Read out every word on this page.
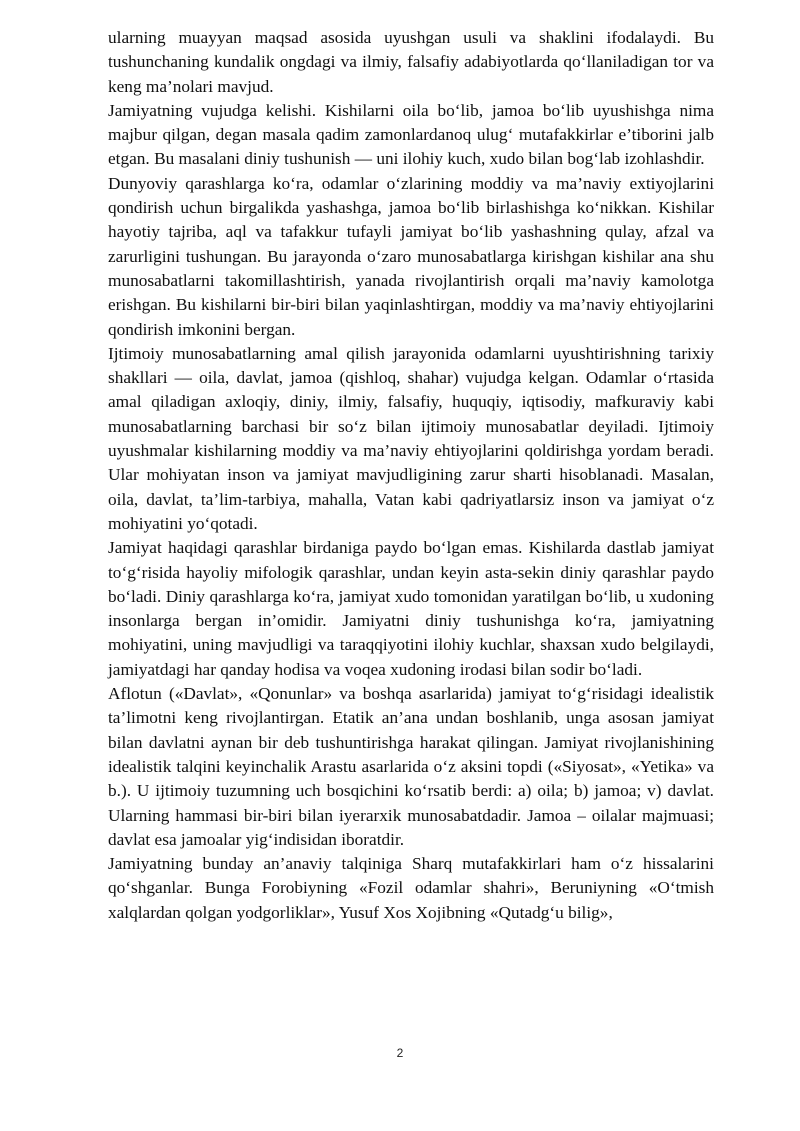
ularning muayyan maqsad asosida uyushgan usuli va shaklini ifodalaydi. Bu tushunchaning kundalik ongdagi va ilmiy, falsafiy adabiyotlarda qo‘llaniladigan tor va keng ma’nolari mavjud.

Jamiyatning vujudga kelishi. Kishilarni oila bo‘lib, jamoa bo‘lib uyushishga nima majbur qilgan, degan masala qadim zamonlardanoq ulug‘ mutafakkirlar e’tiborini jalb etgan. Bu masalani diniy tushunish — uni ilohiy kuch, xudo bilan bog‘lab izohlashdir.

Dunyoviy qarashlarga ko‘ra, odamlar o‘zlarining moddiy va ma’naviy extiyojlarini qondirish uchun birgalikda yashashga, jamoa bo‘lib birlashishga ko‘nikkan. Kishilar hayotiy tajriba, aql va tafakkur tufayli jamiyat bo‘lib yashashning qulay, afzal va zarurligini tushungan. Bu jarayonda o‘zaro munosabatlarga kirishgan kishilar ana shu munosabatlarni takomillashtirish, yanada rivojlantirish orqali ma’naviy kamolotga erishgan. Bu kishilarni bir-biri bilan yaqinlashtirgan, moddiy va ma’naviy ehtiyojlarini qondirish imkonini bergan.

Ijtimoiy munosabatlarning amal qilish jarayonida odamlarni uyushtirishning tarixiy shakllari — oila, davlat, jamoa (qishloq, shahar) vujudga kelgan. Odamlar o‘rtasida amal qiladigan axloqiy, diniy, ilmiy, falsafiy, huquqiy, iqtisodiy, mafkuraviy kabi munosabatlarning barchasi bir so‘z bilan ijtimoiy munosabatlar deyiladi. Ijtimoiy uyushmalar kishilarning moddiy va ma’naviy ehtiyojlarini qoldirishga yordam beradi. Ular mohiyatan inson va jamiyat mavjudligining zarur sharti hisoblanadi. Masalan, oila, davlat, ta’lim-tarbiya, mahalla, Vatan kabi qadriyatlarsiz inson va jamiyat o‘z mohiyatini yo‘qotadi.

Jamiyat haqidagi qarashlar birdaniga paydo bo‘lgan emas. Kishilarda dastlab jamiyat to‘g‘risida hayoliy mifologik qarashlar, undan keyin asta-sekin diniy qarashlar paydo bo‘ladi. Diniy qarashlarga ko‘ra, jamiyat xudo tomonidan yaratilgan bo‘lib, u xudoning insonlarga bergan in’omidir. Jamiyatni diniy tushunishga ko‘ra, jamiyatning mohiyatini, uning mavjudligi va taraqqiyotini ilohiy kuchlar, shaxsan xudo belgilaydi, jamiyatdagi har qanday hodisa va voqea xudoning irodasi bilan sodir bo‘ladi.

Aflotun («Davlat», «Qonunlar» va boshqa asarlarida) jamiyat to‘g‘risidagi idealistik ta’limotni keng rivojlantirgan. Etatik an’ana undan boshlanib, unga asosan jamiyat bilan davlatni aynan bir deb tushuntirishga harakat qilingan. Jamiyat rivojlanishining idealistik talqini keyinchalik Arastu asarlarida o‘z aksini topdi («Siyosat», «Yetika» va b.). U ijtimoiy tuzumning uch bosqichini ko‘rsatib berdi: a) oila; b) jamoa; v) davlat. Ularning hammasi bir-biri bilan iyerarxik munosabatdadir. Jamoa – oilalar majmuasi; davlat esa jamoalar yig‘indisidan iboratdir.

Jamiyatning bunday an’anaviy talqiniga Sharq mutafakkirlari ham o‘z hissalarini qo‘shganlar. Bunga Forobiyning «Fozil odamlar shahri», Beruniyning «O‘tmish xalqlardan qolgan yodgorliklar», Yusuf Xos Xojibning «Qutadg‘u bilig»,

2
